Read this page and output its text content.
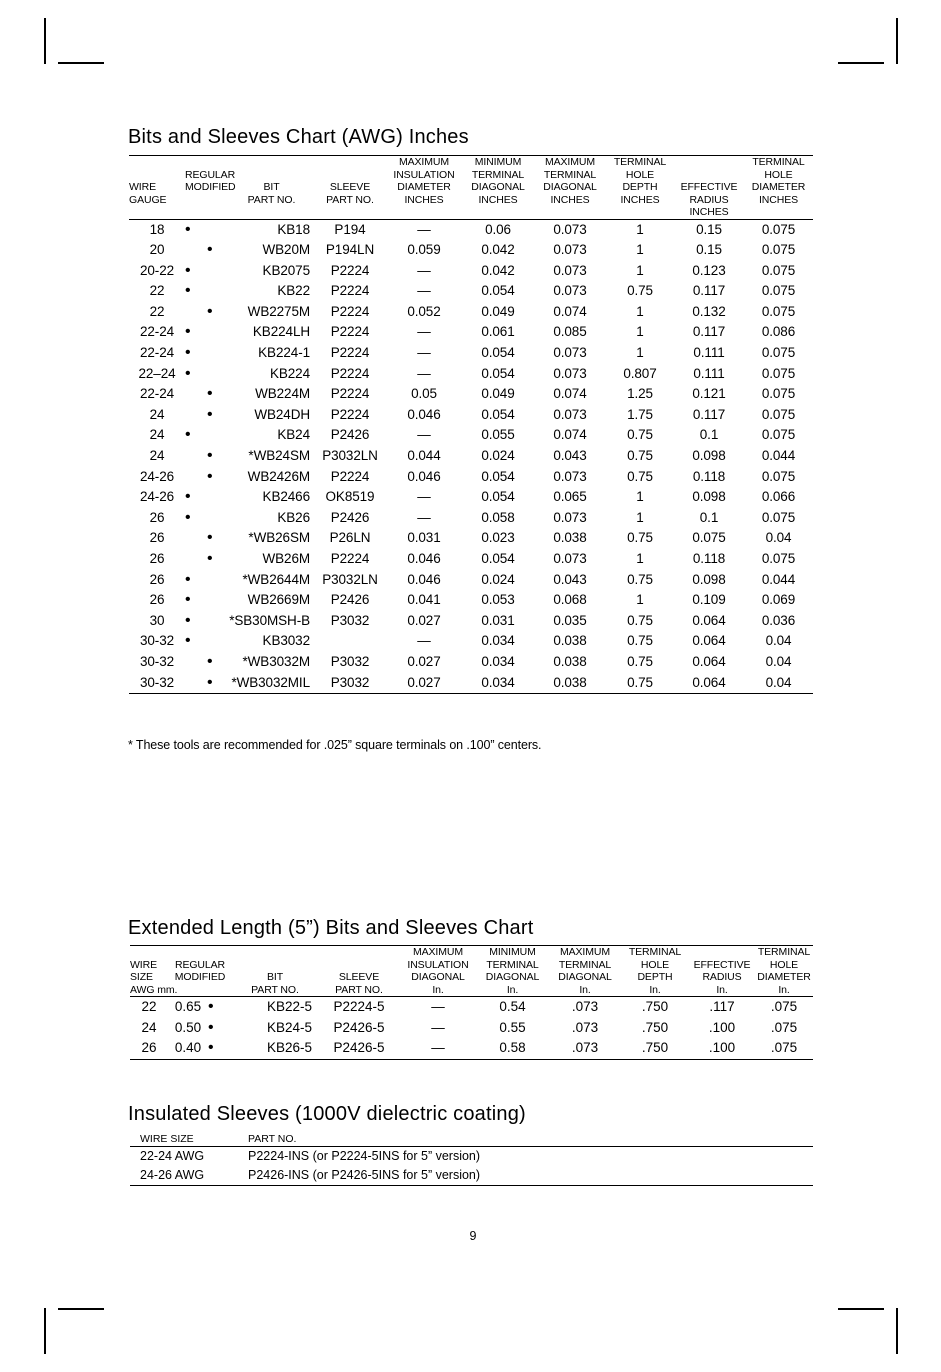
Bits and Sleeves Chart (AWG) Inches

					MAXIMUM	MINIMUM	MAXIMUM	TERMINAL		TERMINAL
	REGULAR				INSULATION	TERMINAL	TERMINAL	HOLE		HOLE
WIRE	MODIFIED		BIT	SLEEVE	DIAMETER	DIAGONAL	DIAGONAL	DEPTH	EFFECTIVE	DIAMETER
GAUGE			PART NO.	PART NO.	INCHES	INCHES	INCHES	INCHES	RADIUS	INCHES
									INCHES	

18	•		KB18	P194	—	0.06	0.073	1	0.15	0.075
20		•	WB20M	P194LN	0.059	0.042	0.073	1	0.15	0.075
20-22	•		KB2075	P2224	—	0.042	0.073	1	0.123	0.075
22	•		KB22	P2224	—	0.054	0.073	0.75	0.117	0.075
22		•	WB2275M	P2224	0.052	0.049	0.074	1	0.132	0.075
22-24	•		KB224LH	P2224	—	0.061	0.085	1	0.117	0.086
22-24	•		KB224-1	P2224	—	0.054	0.073	1	0.111	0.075
22–24	•		KB224	P2224	—	0.054	0.073	0.807	0.111	0.075
22-24		•	WB224M	P2224	0.05	0.049	0.074	1.25	0.121	0.075
24		•	WB24DH	P2224	0.046	0.054	0.073	1.75	0.117	0.075
24	•		KB24	P2426	—	0.055	0.074	0.75	0.1	0.075
24		•	*WB24SM	P3032LN	0.044	0.024	0.043	0.75	0.098	0.044
24-26		•	WB2426M	P2224	0.046	0.054	0.073	0.75	0.118	0.075
24-26	•		KB2466	OK8519	—	0.054	0.065	1	0.098	0.066
26	•		KB26	P2426	—	0.058	0.073	1	0.1	0.075
26		•	*WB26SM	P26LN	0.031	0.023	0.038	0.75	0.075	0.04
26		•	WB26M	P2224	0.046	0.054	0.073	1	0.118	0.075
26	•		*WB2644M	P3032LN	0.046	0.024	0.043	0.75	0.098	0.044
26	•		WB2669M	P2426	0.041	0.053	0.068	1	0.109	0.069
30	•		*SB30MSH-B	P3032	0.027	0.031	0.035	0.75	0.064	0.036
30-32	•		KB3032		—	0.034	0.038	0.75	0.064	0.04
30-32		•	*WB3032M	P3032	0.027	0.034	0.038	0.75	0.064	0.04
30-32		•	*WB3032MIL	P3032	0.027	0.034	0.038	0.75	0.064	0.04

* These tools are recommended for .025” square terminals on .100” centers.
Extended Length (5”) Bits and Sleeves Chart

					MAXIMUM	MINIMUM	MAXIMUM	TERMINAL		TERMINAL
WIRE	REGULAR				INSULATION	TERMINAL	TERMINAL	HOLE	EFFECTIVE	HOLE
SIZE	MODIFIED		BIT	SLEEVE	DIAGONAL	DIAGONAL	DIAGONAL	DEPTH	RADIUS	DIAMETER
AWG mm.			PART NO.	PART NO.	In.	In.	In.	In.	In.	In.

22	0.65	•	KB22-5	P2224-5	—	0.54	.073	.750	.117	.075
24	0.50	•	KB24-5	P2426-5	—	0.55	.073	.750	.100	.075
26	0.40	•	KB26-5	P2426-5	—	0.58	.073	.750	.100	.075

Insulated Sleeves (1000V dielectric coating)
WIRE SIZE	PART NO.

22-24 AWG	P2224-INS (or P2224-5INS for 5” version)
24-26 AWG	P2426-INS (or P2426-5INS for 5” version)

9
